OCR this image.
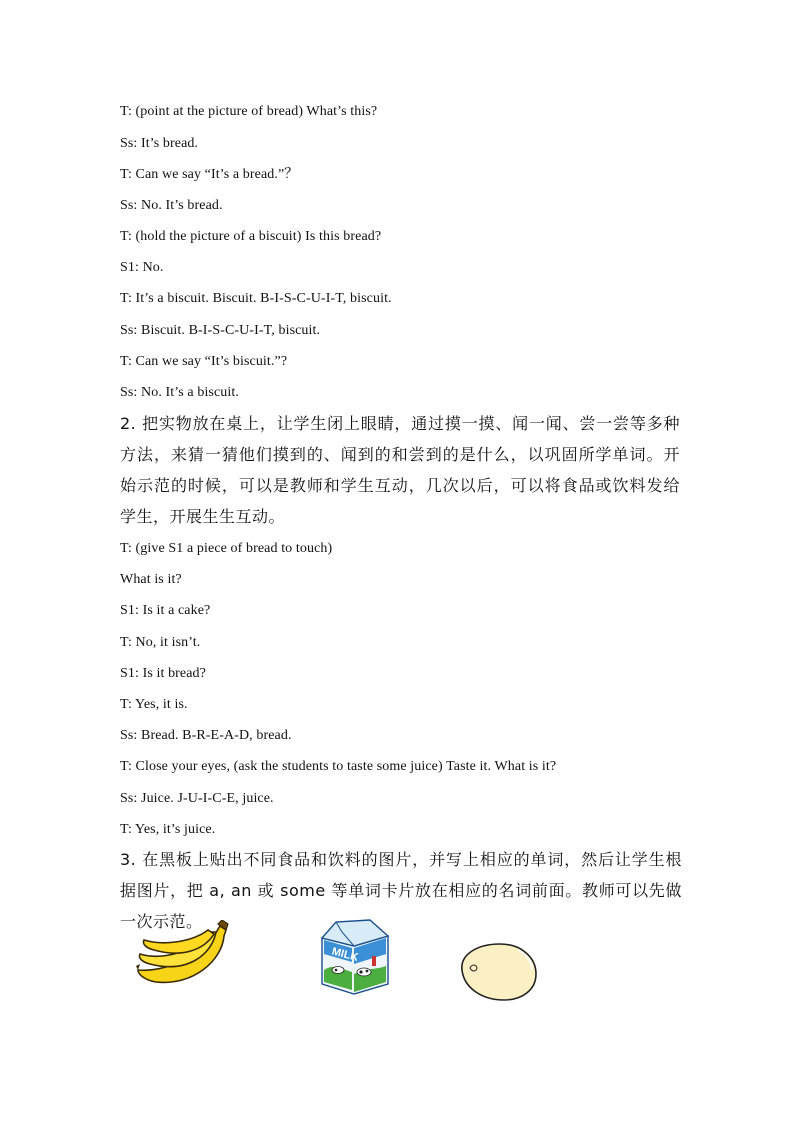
T: (point at the picture of bread) What’s this?
Ss: It’s bread.
T: Can we say “It’s a bread.”？
Ss: No. It’s bread.
T: (hold the picture of a biscuit) Is this bread?
S1: No.
T: It’s a biscuit. Biscuit. B-I-S-C-U-I-T, biscuit.
Ss: Biscuit. B-I-S-C-U-I-T, biscuit.
T: Can we say “It’s biscuit.”?
Ss: No. It’s a biscuit.
2. 把实物放在桌上，让学生闭上眼睛，通过摸一摸、闻一闻、尝一尝等多种方法，来猜一猜他们摸到的、闻到的和尝到的是什么，以巩固所学单词。开始示范的时候，可以是教师和学生互动，几次以后，可以将食品或饮料发给学生，开展生生互动。
T: (give S1 a piece of bread to touch)
What is it?
S1: Is it a cake?
T: No, it isn’t.
S1: Is it bread?
T: Yes, it is.
Ss: Bread. B-R-E-A-D, bread.
T: Close your eyes, (ask the students to taste some juice) Taste it. What is it?
Ss: Juice. J-U-I-C-E, juice.
T: Yes, it’s juice.
3. 在黑板上贴出不同食品和饮料的图片，并写上相应的单词，然后让学生根据图片，把 a, an 或 some 等单词卡片放在相应的名词前面。教师可以先做一次示范。
MILK
